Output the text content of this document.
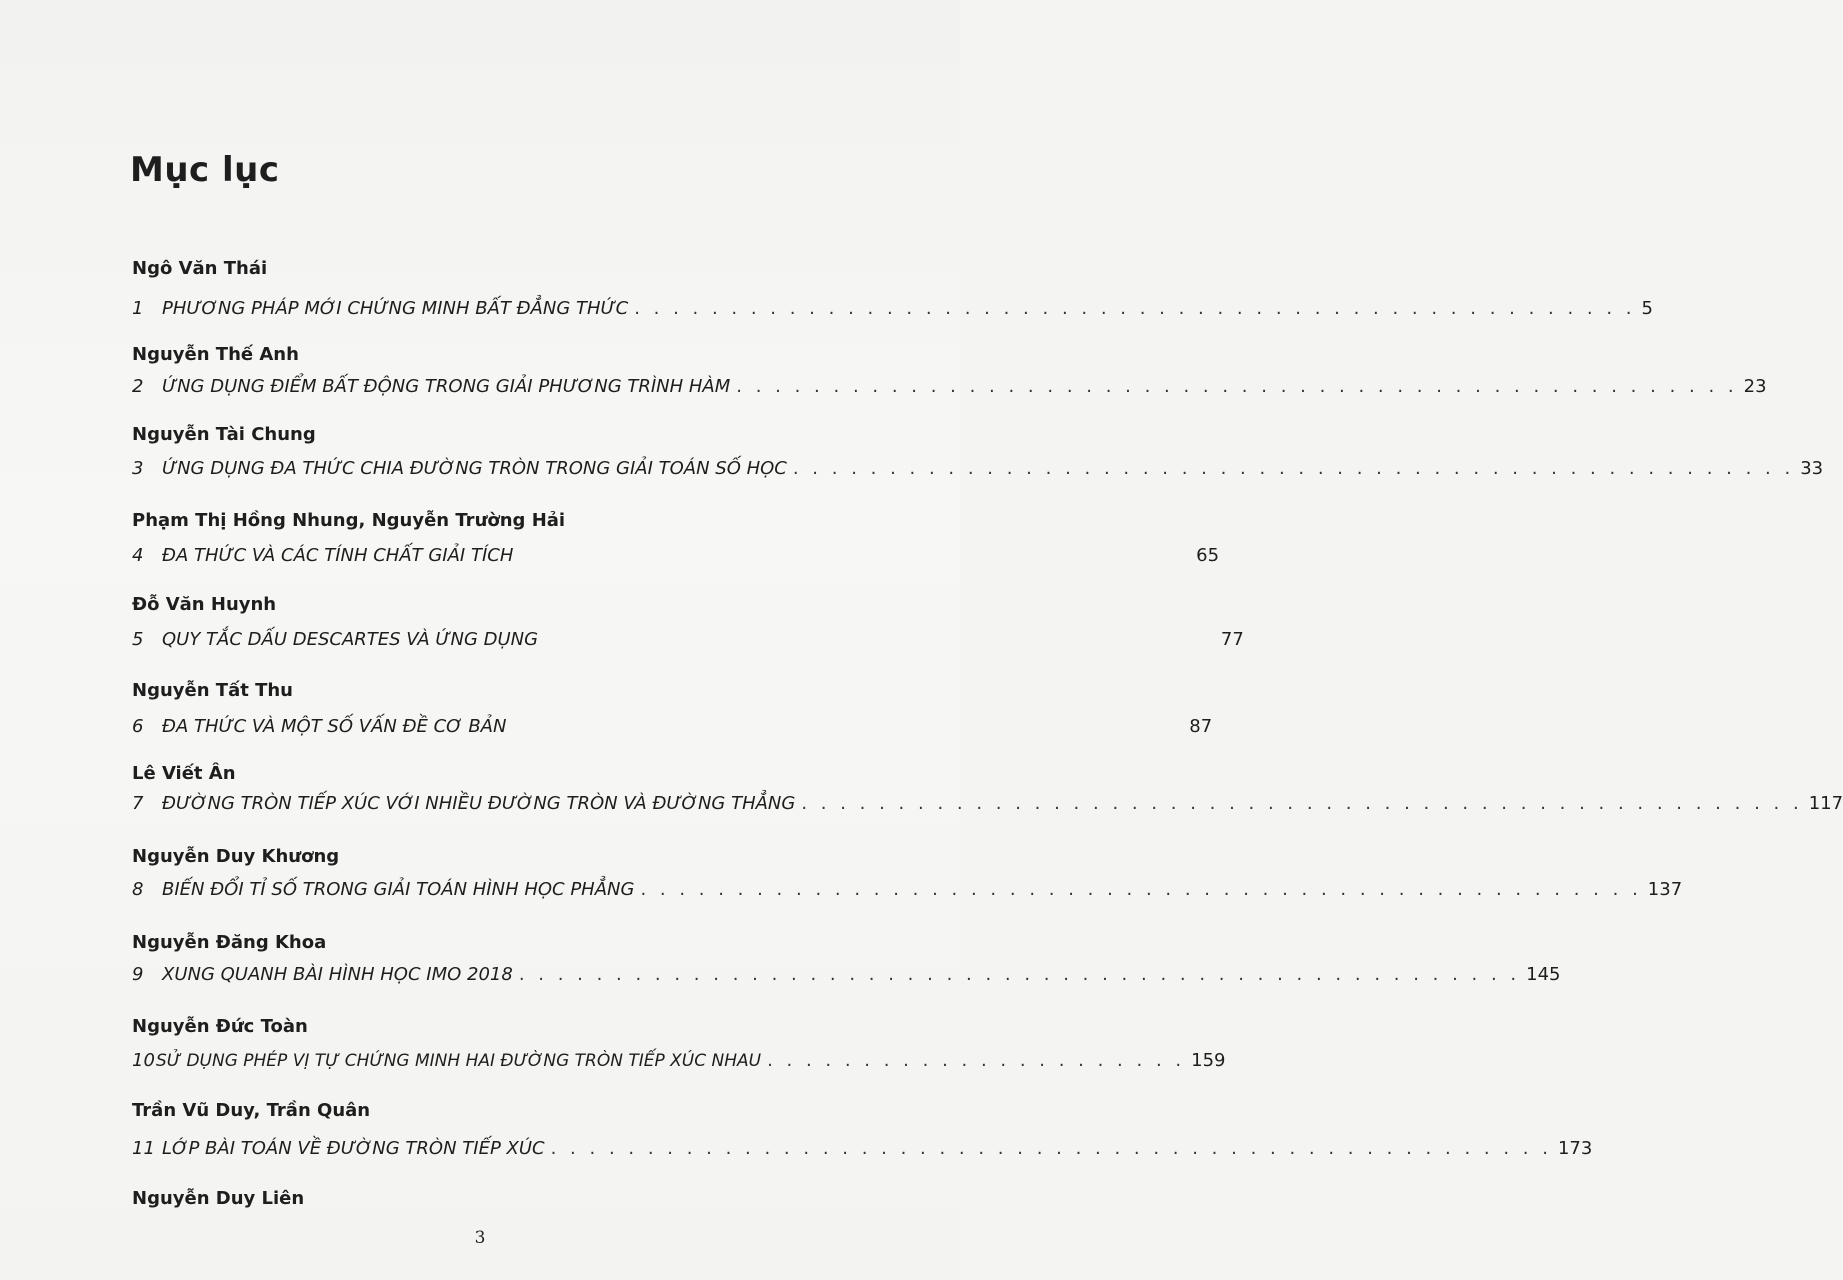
Mục lục
Ngô Văn Thái
1	PHƯƠNG PHÁP MỚI CHỨNG MINH BẤT ĐẲNG THỨC . . . . . . . . . . . . . . . . . . . . . . . . . . . . . . . . . . . . . . . . . . . . . . . . . . . . 5
Nguyễn Thế Anh
2	ỨNG DỤNG ĐIỂM BẤT ĐỘNG TRONG GIẢI PHƯƠNG TRÌNH HÀM . . . . . . . . . . . . . . . . . . . . . . . . . . . . . . . . . . . . . . . . . . . . . . . . . . . . 23
Nguyễn Tài Chung
3	ỨNG DỤNG ĐA THỨC CHIA ĐƯỜNG TRÒN TRONG GIẢI TOÁN SỐ HỌC . . . . . . . . . . . . . . . . . . . . . . . . . . . . . . . . . . . . . . . . . . . . . . . . . . . . 33
Phạm Thị Hồng Nhung, Nguyễn Trường Hải
4	ĐA THỨC VÀ CÁC TÍNH CHẤT GIẢI TÍCH	65
Đỗ Văn Huynh
5	QUY TẮC DẤU DESCARTES VÀ ỨNG DỤNG	77
Nguyễn Tất Thu
6	ĐA THỨC VÀ MỘT SỐ VẤN ĐỀ CƠ BẢN	87
Lê Viết Ân
7	ĐƯỜNG TRÒN TIẾP XÚC VỚI NHIỀU ĐƯỜNG TRÒN VÀ ĐƯỜNG THẲNG . . . . . . . . . . . . . . . . . . . . . . . . . . . . . . . . . . . . . . . . . . . . . . . . . . . . 117
Nguyễn Duy Khương
8	BIẾN ĐỔI TỈ SỐ TRONG GIẢI TOÁN HÌNH HỌC PHẲNG . . . . . . . . . . . . . . . . . . . . . . . . . . . . . . . . . . . . . . . . . . . . . . . . . . . . 137
Nguyễn Đăng Khoa
9	XUNG QUANH BÀI HÌNH HỌC IMO 2018 . . . . . . . . . . . . . . . . . . . . . . . . . . . . . . . . . . . . . . . . . . . . . . . . . . . . 145
Nguyễn Đức Toàn
10 SỬ DỤNG PHÉP VỊ TỰ CHỨNG MINH HAI ĐƯỜNG TRÒN TIẾP XÚC NHAU . . . . . . . . . . . . . . . . . . . . . . 159
Trần Vũ Duy, Trần Quân
11 LỚP BÀI TOÁN VỀ ĐƯỜNG TRÒN TIẾP XÚC . . . . . . . . . . . . . . . . . . . . . . . . . . . . . . . . . . . . . . . . . . . . . . . . . . . . 173
Nguyễn Duy Liên
3
